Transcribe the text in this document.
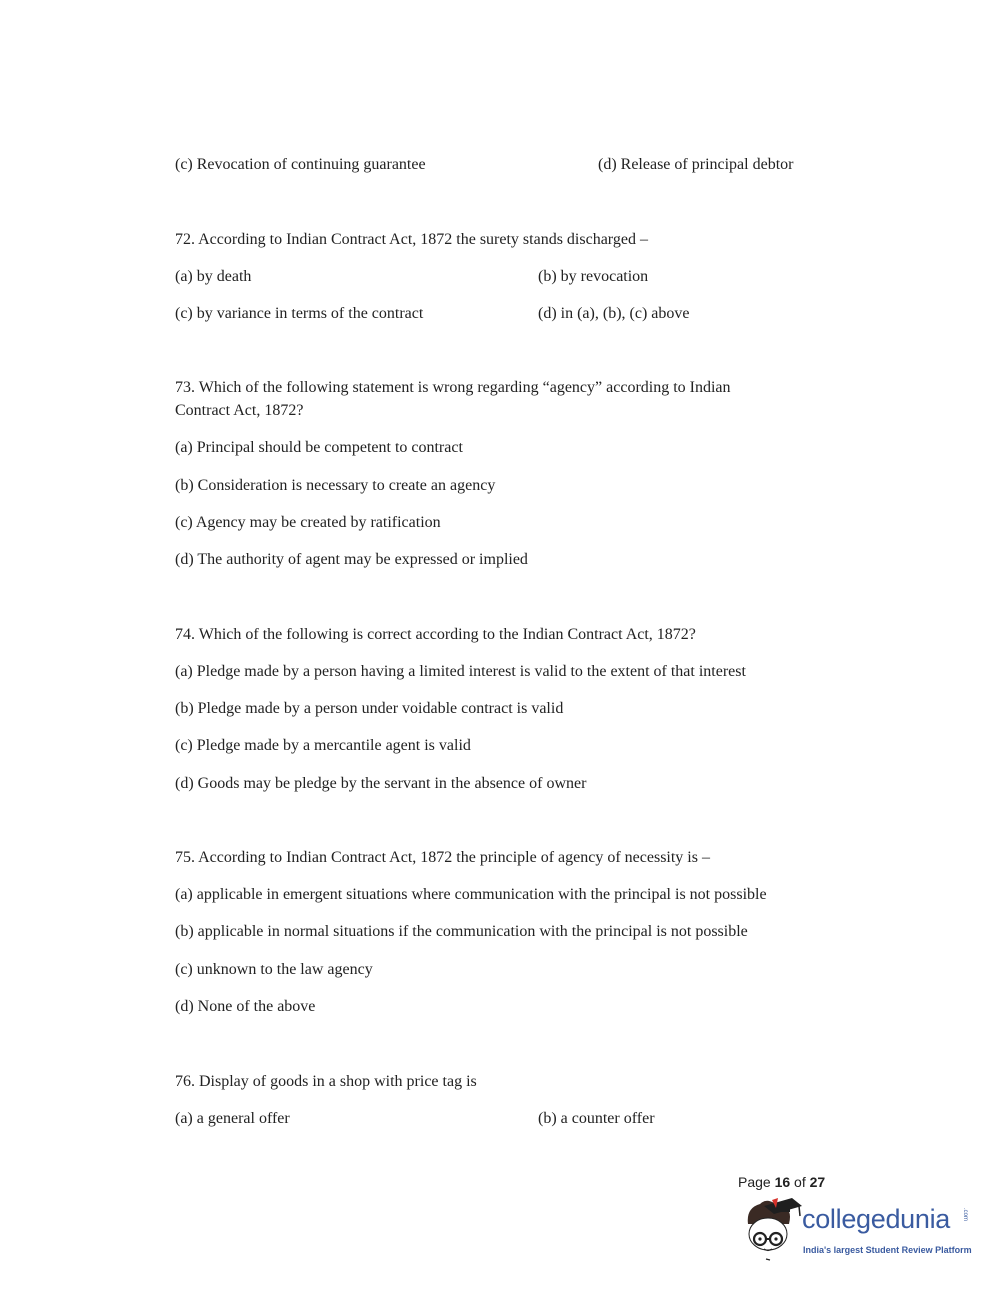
(c) Revocation of continuing guarantee	(d) Release of principal debtor
72. According to Indian Contract Act, 1872 the surety stands discharged –
(a) by death	(b) by revocation
(c) by variance in terms of the contract	(d) in (a), (b), (c) above
73. Which of the following statement is wrong regarding “agency” according to Indian
Contract Act, 1872?
(a) Principal should be competent to contract
(b) Consideration is necessary to create an agency
(c) Agency may be created by ratification
(d) The authority of agent may be expressed or implied
74. Which of the following is correct according to the Indian Contract Act, 1872?
(a) Pledge made by a person having a limited interest is valid to the extent of that interest
(b) Pledge made by a person under voidable contract is valid
(c) Pledge made by a mercantile agent is valid
(d) Goods may be pledge by the servant in the absence of owner
75. According to Indian Contract Act, 1872 the principle of agency of necessity is –
(a) applicable in emergent situations where communication with the principal is not possible
(b) applicable in normal situations if the communication with the principal is not possible
(c) unknown to the law agency
(d) None of the above
76. Display of goods in a shop with price tag is
(a) a general offer	(b) a counter offer
Page 16 of 27
collegedunia .com
India's largest Student Review Platform
